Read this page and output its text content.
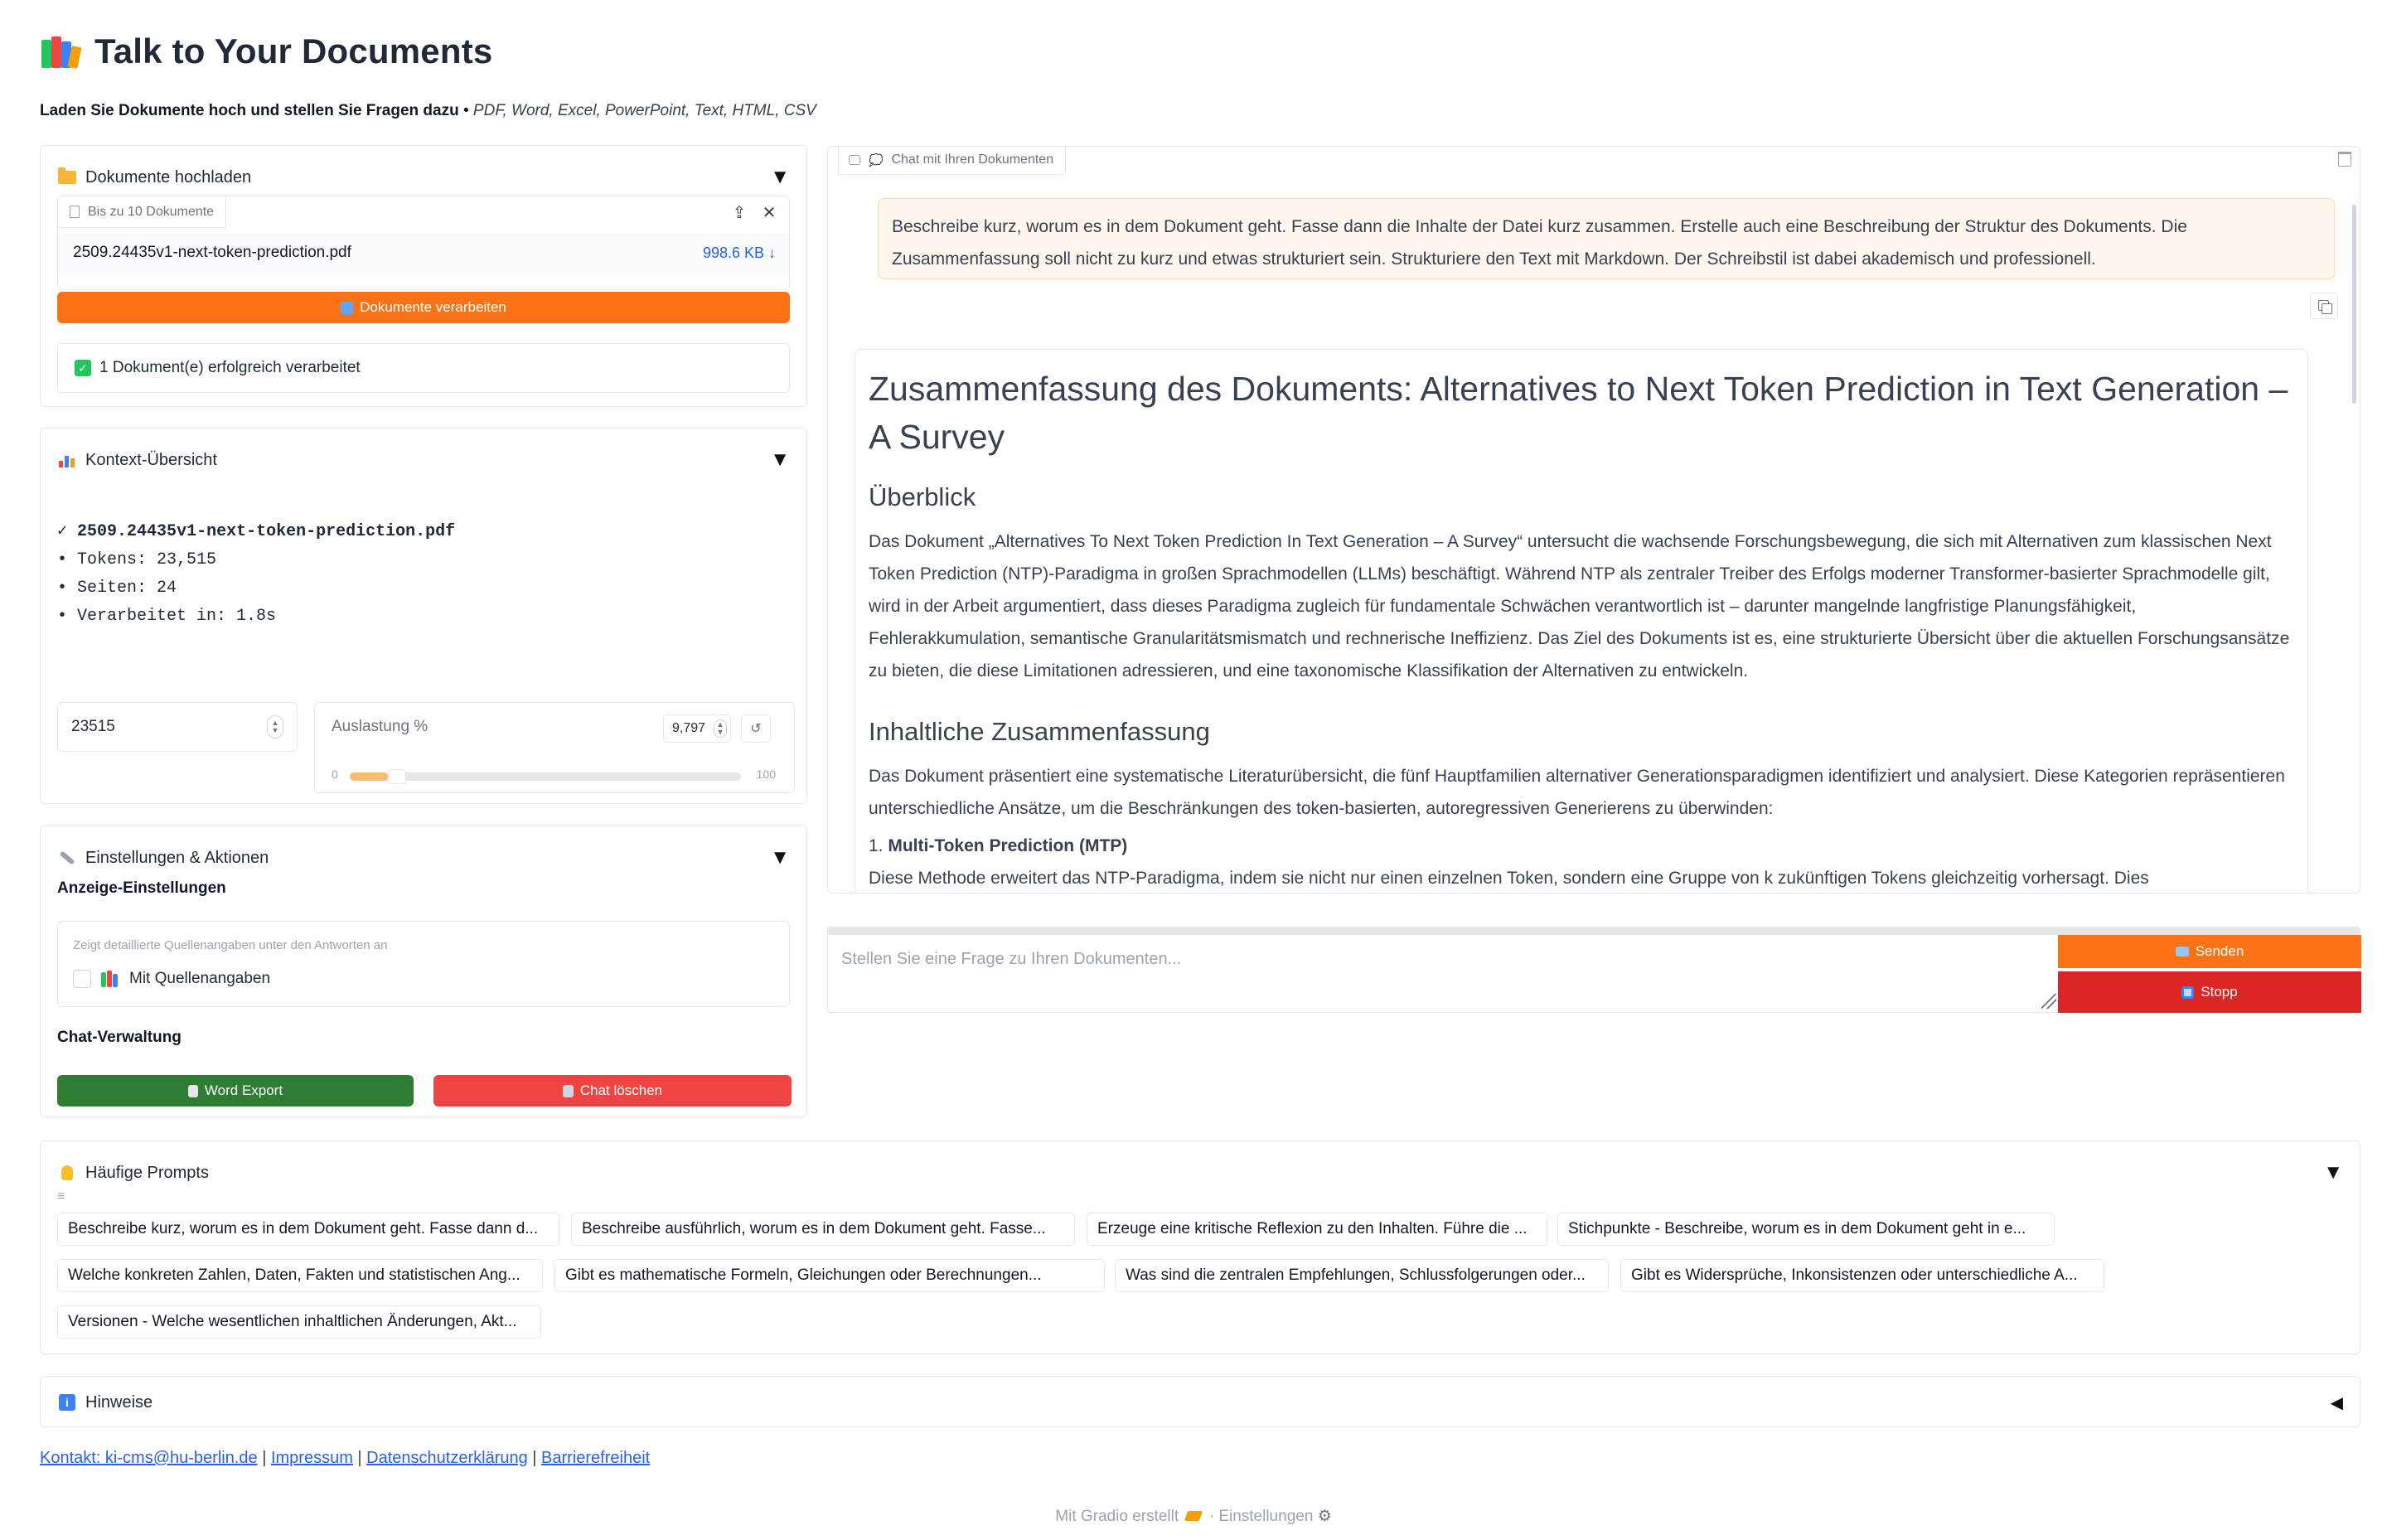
Talk to Your Documents
Laden Sie Dokumente hoch und stellen Sie Fragen dazu • PDF, Word, Excel, PowerPoint, Text, HTML, CSV
Dokumente hochladen	▼
Bis zu 10 Dokumente	⇪ ✕
2509.24435v1-next-token-prediction.pdf	998.6 KB ↓
Dokumente verarbeiten
✓ 1 Dokument(e) erfolgreich verarbeitet
Kontext-Übersicht	▼
✓ 2509.24435v1-next-token-prediction.pdf
• Tokens: 23,515
• Seiten: 24
• Verarbeitet in: 1.8s
23515	▲
▼	Auslastung %	9,797	▲
▼	↺
0	100
Einstellungen & Aktionen	▼
Anzeige-Einstellungen
Zeigt detaillierte Quellenangaben unter den Antworten an
Mit Quellenangaben
Chat-Verwaltung
Word Export	Chat löschen
💭 Chat mit Ihren Dokumenten
Beschreibe kurz, worum es in dem Dokument geht. Fasse dann die Inhalte der Datei kurz zusammen. Erstelle auch eine Beschreibung der Struktur des Dokuments. Die Zusammenfassung soll nicht zu kurz und etwas strukturiert sein. Strukturiere den Text mit Markdown. Der Schreibstil ist dabei akademisch und professionell.
Zusammenfassung des Dokuments: Alternatives to Next Token Prediction in Text Generation – A Survey
Überblick

Das Dokument „Alternatives To Next Token Prediction In Text Generation – A Survey“ untersucht die wachsende Forschungsbewegung, die sich mit Alternativen zum klassischen Next Token Prediction (NTP)-Paradigma in großen Sprachmodellen (LLMs) beschäftigt. Während NTP als zentraler Treiber des Erfolgs moderner Transformer-basierter Sprachmodelle gilt, wird in der Arbeit argumentiert, dass dieses Paradigma zugleich für fundamentale Schwächen verantwortlich ist – darunter mangelnde langfristige Planungsfähigkeit, Fehlerakkumulation, semantische Granularitätsmismatch und rechnerische Ineffizienz. Das Ziel des Dokuments ist es, eine strukturierte Übersicht über die aktuellen Forschungsansätze zu bieten, die diese Limitationen adressieren, und eine taxonomische Klassifikation der Alternativen zu entwickeln.

Inhaltliche Zusammenfassung

Das Dokument präsentiert eine systematische Literaturübersicht, die fünf Hauptfamilien alternativer Generationsparadigmen identifiziert und analysiert. Diese Kategorien repräsentieren unterschiedliche Ansätze, um die Beschränkungen des token-basierten, autoregressiven Generierens zu überwinden:

1. Multi-Token Prediction (MTP)

Diese Methode erweitert das NTP-Paradigma, indem sie nicht nur einen einzelnen Token, sondern eine Gruppe von k zukünftigen Tokens gleichzeitig vorhersagt. Dies

Stellen Sie eine Frage zu Ihren Dokumenten...
Senden
Stopp
Häufige Prompts	▼
≡
Beschreibe kurz, worum es in dem Dokument geht. Fasse dann d...	Beschreibe ausführlich, worum es in dem Dokument geht. Fasse...	Erzeuge eine kritische Reflexion zu den Inhalten. Führe die ...	Stichpunkte - Beschreibe, worum es in dem Dokument geht in e...
Welche konkreten Zahlen, Daten, Fakten und statistischen Ang...	Gibt es mathematische Formeln, Gleichungen oder Berechnungen...	Was sind die zentralen Empfehlungen, Schlussfolgerungen oder...	Gibt es Widersprüche, Inkonsistenzen oder unterschiedliche A...
Versionen - Welche wesentlichen inhaltlichen Änderungen, Akt...
i	Hinweise	◀
Kontakt: ki-cms@hu-berlin.de | Impressum | Datenschutzerklärung | Barrierefreiheit
Mit Gradio erstellt  · Einstellungen ⚙
